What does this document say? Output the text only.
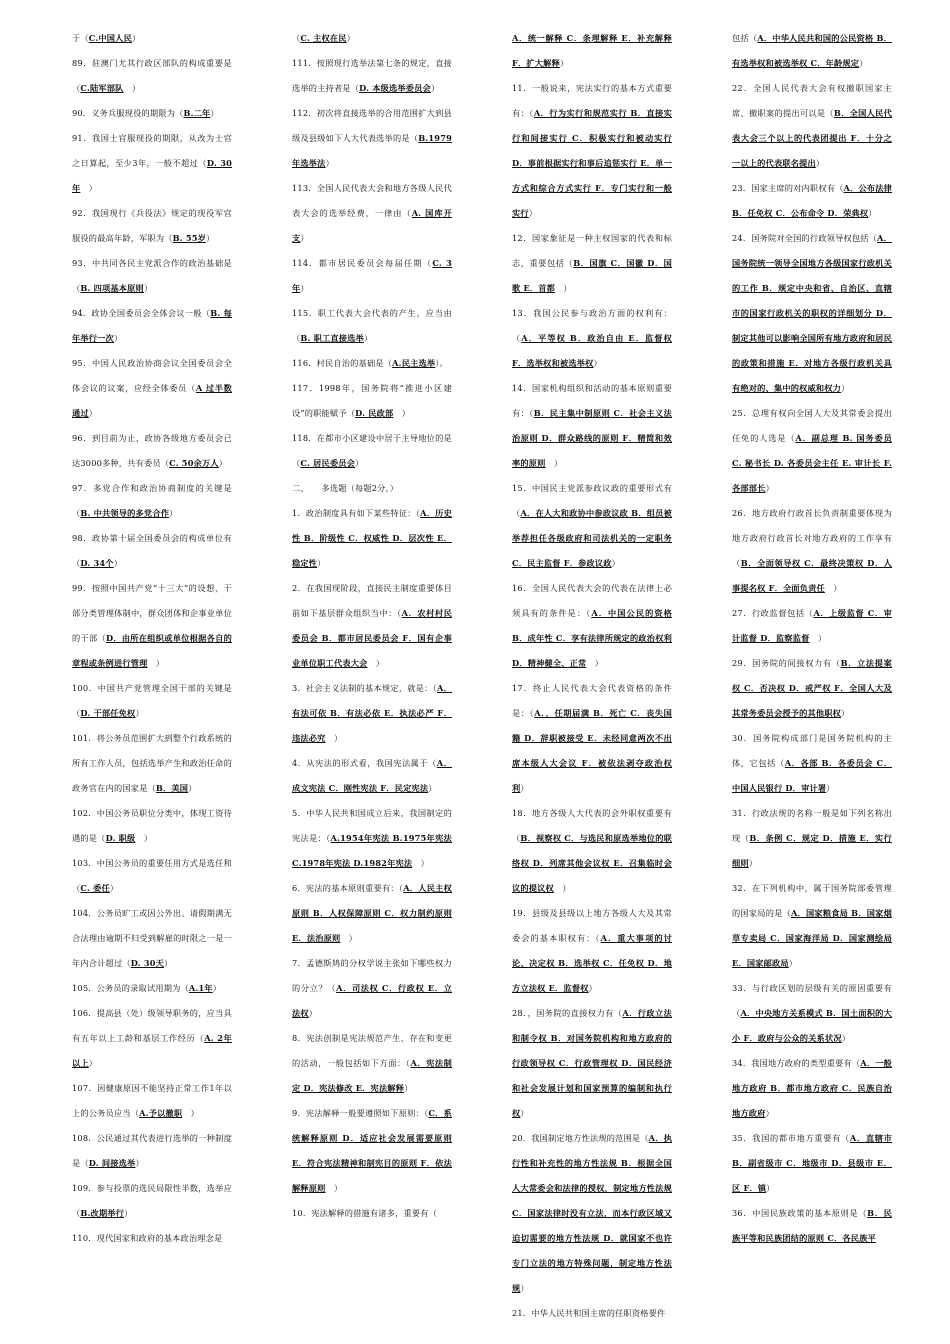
于（C.中国人民）

89．驻澳门尤其行政区部队的构成重要是（C.陆军部队　）

90．义务兵服现役的期限为（B.二年）

91．我国士官服现役的期限，从改为士官之日算起，至少3年，一般不超过（D. 30年　）

92．我国现行《兵役法》规定的现役军官服役的最高年龄，军职为（B. 55岁）

93．中共同各民主党派合作的政治基础是（B. 四项基本原则）

94．政协全国委员会全体会议一般（B. 每年举行一次）

95．中国人民政治协商会议全国委员会全体会议的议案，应经全体委员（A 过半数通过）

96．到目前为止，政协各级地方委员会已达3000多种，共有委员（C. 50余万人）

97．多党合作和政治协商制度的关键是（B. 中共领导的多党合作）

98．政协第十届全国委员会的构成单位有（D. 34个）

99．按照中国共产党“十三大”的设想，干部分类管理体制中，群众团体和企事业单位的干部（D．由所在组织或单位根据各自的章程或条例进行管理　）

100．中国共产党管理全国干部的关键是（D. 干部任免权）

101．将公务员范围扩大到整个行政系统的所有工作人员，包括选举产生和政治任命的政务官在内的国家是（B．美国）

102．中国公务员职位分类中，体现工资待遇的是（D. 职级　）

103．中国公务员的重要任用方式是选任和（C. 委任）

104．公务员旷工或因公外出、请假期满无合法理由逾期不归受到解雇的时限之一是一年内合计超过（D. 30天）

105．公务员的录取试用期为（A.1年）

106．提高县（处）级领导职务的，应当具有五年以上工龄和基层工作经历（A. 2年以上）

107．因健康原因不能坚持正常工作1年以上的公务员应当（A.予以撤职　）

108．公民通过其代表进行选举的一种制度是（D. 间接选举）

109．参与投票的选民局限性半数，选举应（B.改期举行）

110．现代国家和政府的基本政治理念是

（C. 主权在民）

111．按照现行选举法第七条的规定，直接选举的主持者是（D. 本级选举委员会）

112．初次将直接选举的合用范围扩大到县级及县级如下人大代表选举的是（B.1979年选举法）

113．全国人民代表大会和地方各级人民代表大会的选举经费，一律由（A. 国库开支）

114．都市居民委员会每届任期（C. 3年）

115．职工代表大会代表的产生，应当由（B. 职工直接选举）

116．村民自治的基础是（A.民主选举）。

117．1998年，国务院将“推进小区建设”的职能赋予（D. 民政部　）

118．在都市小区建设中居于主导地位的是（C. 居民委员会）

二、　　多选题（每题2分，）

1．政治制度具有如下某些特征：（A．历史性 B．阶级性 C．权威性 D．层次性 E．稳定性）

2．在我国现阶段，直接民主制度重要体目前如下基层群众组织当中：（A．农村村民委员会 B．都市居民委员会 F．国有企事业单位职工代表大会　）

3．社会主义法制的基本规定，就是：（A．有法可依 B．有法必依 E．执法必严 F．违法必究　）

4．从宪法的形式看，我国宪法属于（A．成文宪法 C．刚性宪法 F．民定宪法）

5．中华人民共和国成立后来，我国制定的宪法是：（A.1954年宪法 B.1975年宪法 C.1978年宪法 D.1982年宪法　）

6．宪法的基本原则重要有：（A．人民主权原则 B．人权保障原则 C．权力制约原则 E．法治原则　）

7．孟德斯鸠的分权学说主张如下哪些权力的分立？（A．司法权 C．行政权 E．立法权）

8．宪法创制是宪法规范产生、存在和变更的活动，一般包括如下方面：（A．宪法制定 D．宪法修改 E．宪法解释）

9．宪法解释一般要遵照如下原则：（C．系统解释原则 D．适应社会发展需要原则 E．符合宪法精神和制宪目的原则 F．依法解释原则　）

10．宪法解释的措施有诸多，重要有（

A．统一解释 C．条理解释 E．补充解释 F．扩大解释）

11．一般说来，宪法实行的基本方式重要有：（A．行为实行和规范实行 B．直接实行和间接实行 C．积极实行和被动实行 D．事前根据实行和事后追惩实行 E．单一方式和综合方式实行 F．专门实行和一般实行）

12．国家象征是一种主权国家的代表和标志，重要包括（B．国旗 C．国徽 D．国歌 E．首都　）

13．我国公民参与政治方面的权利有：（A．平等权 B．政治自由 E．监督权 F．选举权和被选举权）

14．国家机构组织和活动的基本原则重要有：（B．民主集中制原则 C．社会主义法治原则 D．群众路线的原则 F．精简和效率的原则　）

15．中国民主党派参政议政的重要形式有（A．在人大和政协中参政议政 B．组员被举荐担任各级政府和司法机关的一定职务 C．民主监督 F．参政议政）

16．全国人民代表大会的代表在法律上必须具有的条件是：（A．中国公民的资格 B．成年性 C．享有法律所规定的政治权利 D．精神健全、正常　）

17．终止人民代表大会代表资格的条件是：（A．，任期届满 B．死亡 C．丧失国籍 D．辞职被接受 E．未经同意两次不出席本级人大会议 F．被依法剥夺政治权利）

18．地方各级人大代表的会外职权重要有（B．视察权 C．与选民和原选举地位的联络权 D．列席其他会议权 E．召集临时会议的提议权　）

19．县级及县级以上地方各级人大及其常委会的基本职权有：（A．重大事项的讨论、决定权 B．选举权 C．任免权 D．地方立法权 E．监督权）

28．，国务院的直接权力有（A．行政立法和制令权 B．对国务院机构和地方政府的行政领导权 C．行政管理权 D．国民经济和社会发展计划和国家预算的编制和执行权）

20．我国制定地方性法规的范围是（A．执行性和补充性的地方性法规 B．根据全国人大常委会和法律的授权，制定地方性法规 C．国家法律时没有立法，而本行政区域又迫切需要的地方性法规 D．就国家不也许专门立法的地方特殊问题，制定地方性法规）

21．中华人民共和国主席的任职资格要件

包括（A．中华人民共和国的公民资格 B．有选举权和被选举权 C．年龄规定）

22．全国人民代表大会有权撤职国家主席、撤职案的提出可以是（B．全国人民代表大会三个以上的代表团提出 F．十分之一以上的代表联名提出）

23．国家主席的对内职权有（A．公布法律 B．任免权 C．公布命令 D．荣典权）

24．国务院对全国的行政领导权包括（A．国务院统一领导全国地方各级国家行政机关的工作 B．规定中央和省、自治区、直辖市的国家行政机关的职权的详细划分 D．制定其他可以影响全国所有地方政府和居民的政策和措施 E．对地方各级行政机关具有绝对的、集中的权威和权力）

25．总理有权向全国人大及其常委会提出任免的人选是（A．副总理 B. 国务委员 C. 秘书长 D. 各委员会主任 E. 审计长 F. 各部部长）

26．地方政府行政首长负责制重要体现为地方政府行政首长对地方政府的工作享有（B．全面领导权 C．最终决策权 D．人事提名权 F．全面负责任　）

27．行政监督包括（A．上级监督 C．审计监督 D．监察监督　）

29．国务院的间接权力有（B．立法提案权 C．否决权 D．戒严权 F．全国人大及其常务委员会授予的其他职权）

30．国务院构成部门是国务院机构的主体，它包括（A．各部 B．各委员会 C．中国人民银行 D．审计署）

31．行政法规的名称一般是如下列名称出现（B．条例 C．规定 D．措施 E．实行细则）

32．在下列机构中，属于国务院部委管理的国家局的是（A．国家粮食局 B．国家烟草专卖局 C．国家海洋局 D．国家测绘局 E．国家邮政局）

33．与行政区划的层级有关的原因重要有（A．中央地方关系模式 B．国土面积的大小 F．政府与公众的关系状况）

34．我国地方政府的类型重要有（A．一般地方政府 B．都市地方政府 C．民族自治地方政府）

35．我国的都市地方重要有（A．直辖市 B．副省级市 C．地级市 D．县级市 E．区 F．镇）

36．中国民族政策的基本原则是（B．民族平等和民族团结的原则 C．各民族平
